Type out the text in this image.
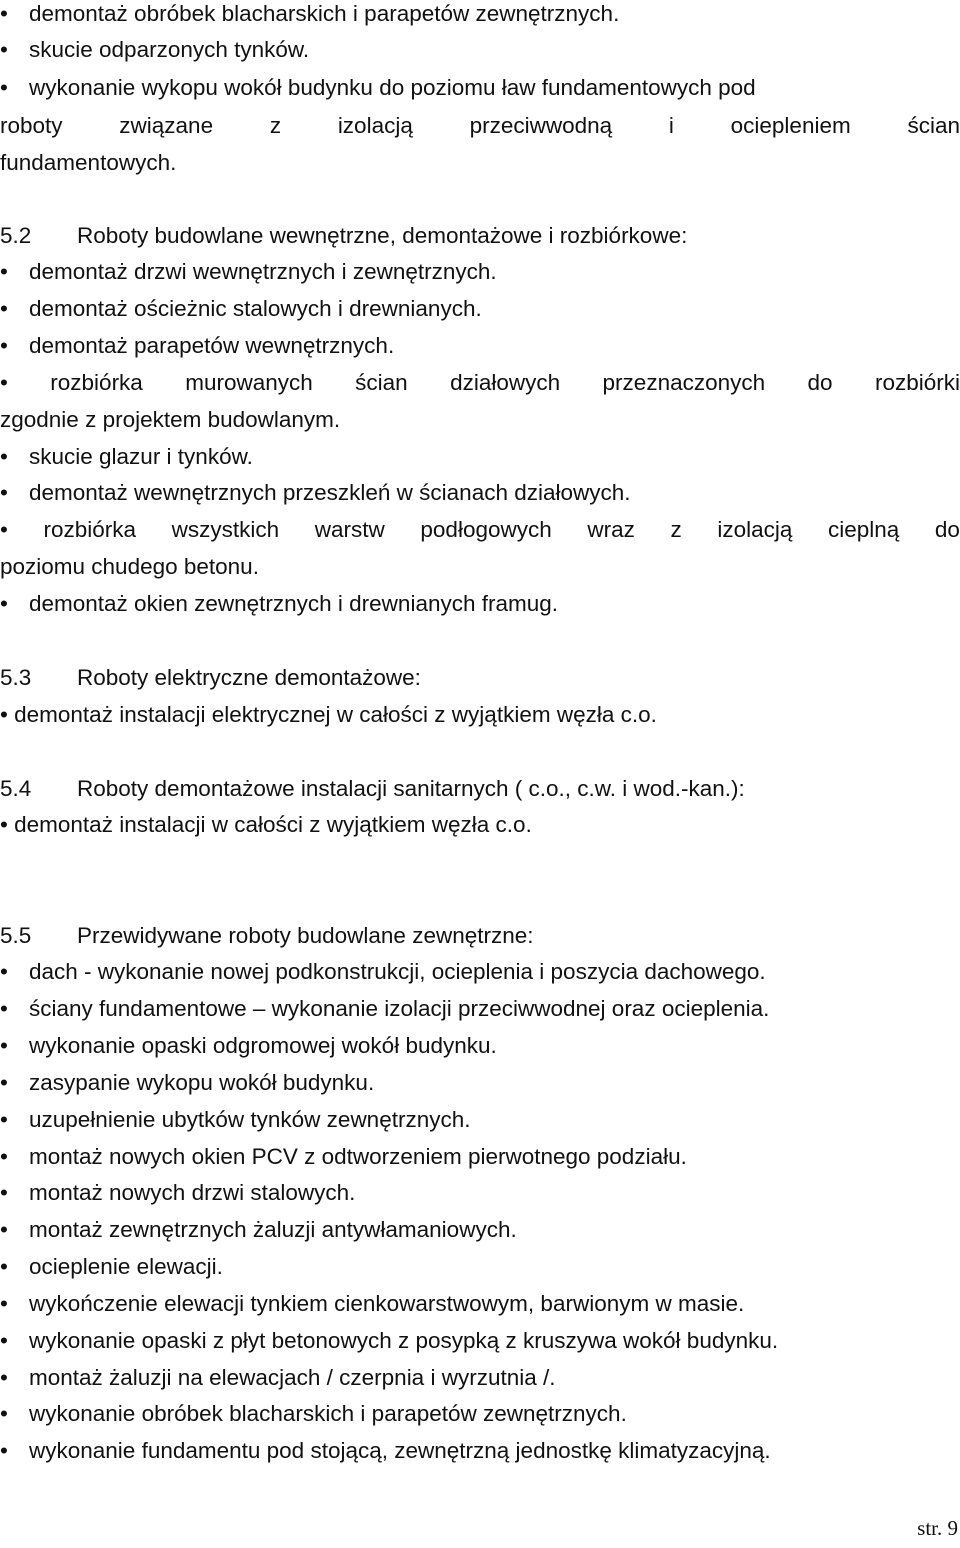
• demontaż obróbek blacharskich i parapetów zewnętrznych.
• skucie odparzonych tynków.
• wykonanie wykopu wokół budynku do poziomu ław fundamentowych pod
roboty	związane	z	izolacją	przeciwwodną	i	ociepleniem	ścian
fundamentowych.
5.2 Roboty budowlane wewnętrzne, demontażowe i rozbiórkowe:
• demontaż drzwi wewnętrznych i zewnętrznych.
• demontaż ościeżnic stalowych i drewnianych.
• demontaż parapetów wewnętrznych.
• rozbiórka murowanych ścian działowych przeznaczonych do rozbiórki
zgodnie z projektem budowlanym.
• skucie glazur i tynków.
• demontaż wewnętrznych przeszkleń w ścianach działowych.
• rozbiórka wszystkich warstw podłogowych wraz z izolacją cieplną do
poziomu chudego betonu.
• demontaż okien zewnętrznych i drewnianych framug.
5.3 Roboty elektryczne demontażowe:
• demontaż instalacji elektrycznej w całości z wyjątkiem węzła c.o.
5.4 Roboty demontażowe instalacji sanitarnych ( c.o., c.w. i wod.-kan.):
• demontaż instalacji w całości z wyjątkiem węzła c.o.
5.5 Przewidywane roboty budowlane zewnętrzne:
• dach - wykonanie nowej podkonstrukcji, ocieplenia i poszycia dachowego.
• ściany fundamentowe – wykonanie izolacji przeciwwodnej oraz ocieplenia.
• wykonanie opaski odgromowej wokół budynku.
• zasypanie wykopu wokół budynku.
• uzupełnienie ubytków tynków zewnętrznych.
• montaż nowych okien PCV z odtworzeniem pierwotnego podziału.
• montaż nowych drzwi stalowych.
• montaż zewnętrznych żaluzji antywłamaniowych.
• ocieplenie elewacji.
• wykończenie elewacji tynkiem cienkowarstwowym, barwionym w masie.
• wykonanie opaski z płyt betonowych z posypką z kruszywa wokół budynku.
• montaż żaluzji na elewacjach / czerpnia i wyrzutnia /.
• wykonanie obróbek blacharskich i parapetów zewnętrznych.
• wykonanie fundamentu pod stojącą, zewnętrzną jednostkę klimatyzacyjną.
str. 9
